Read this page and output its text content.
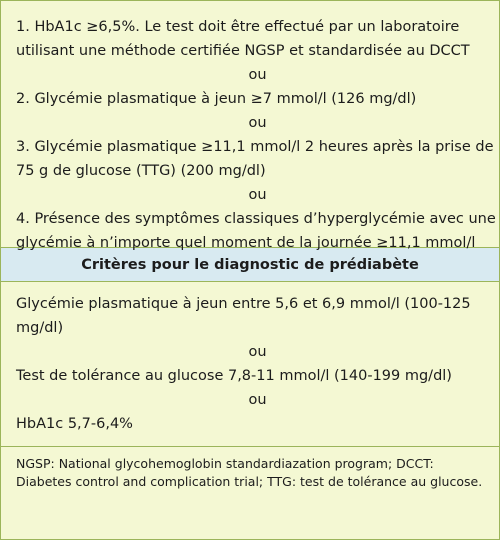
1. HbA1c ≥6,5%. Le test doit être effectué par un laboratoire utilisant une méthode certifiée NGSP et standardisée au DCCT

ou

2. Glycémie plasmatique à jeun ≥7 mmol/l (126 mg/dl)

ou

3. Glycémie plasmatique ≥11,1 mmol/l 2 heures après la prise de 75 g de glucose (TTG) (200 mg/dl)

ou

4. Présence des symptômes classiques d’hyperglycémie avec une glycémie à n’importe quel moment de la journée ≥11,1 mmol/l

Critères pour le diagnostic de prédiabète

Glycémie plasmatique à jeun entre 5,6 et 6,9 mmol/l (100-125 mg/dl)

ou

Test de tolérance au glucose 7,8-11 mmol/l (140-199 mg/dl)

ou

HbA1c 5,7-6,4%

NGSP: National glycohemoglobin standardiazation program; DCCT: Diabetes control and complication trial; TTG: test de tolérance au glucose.
